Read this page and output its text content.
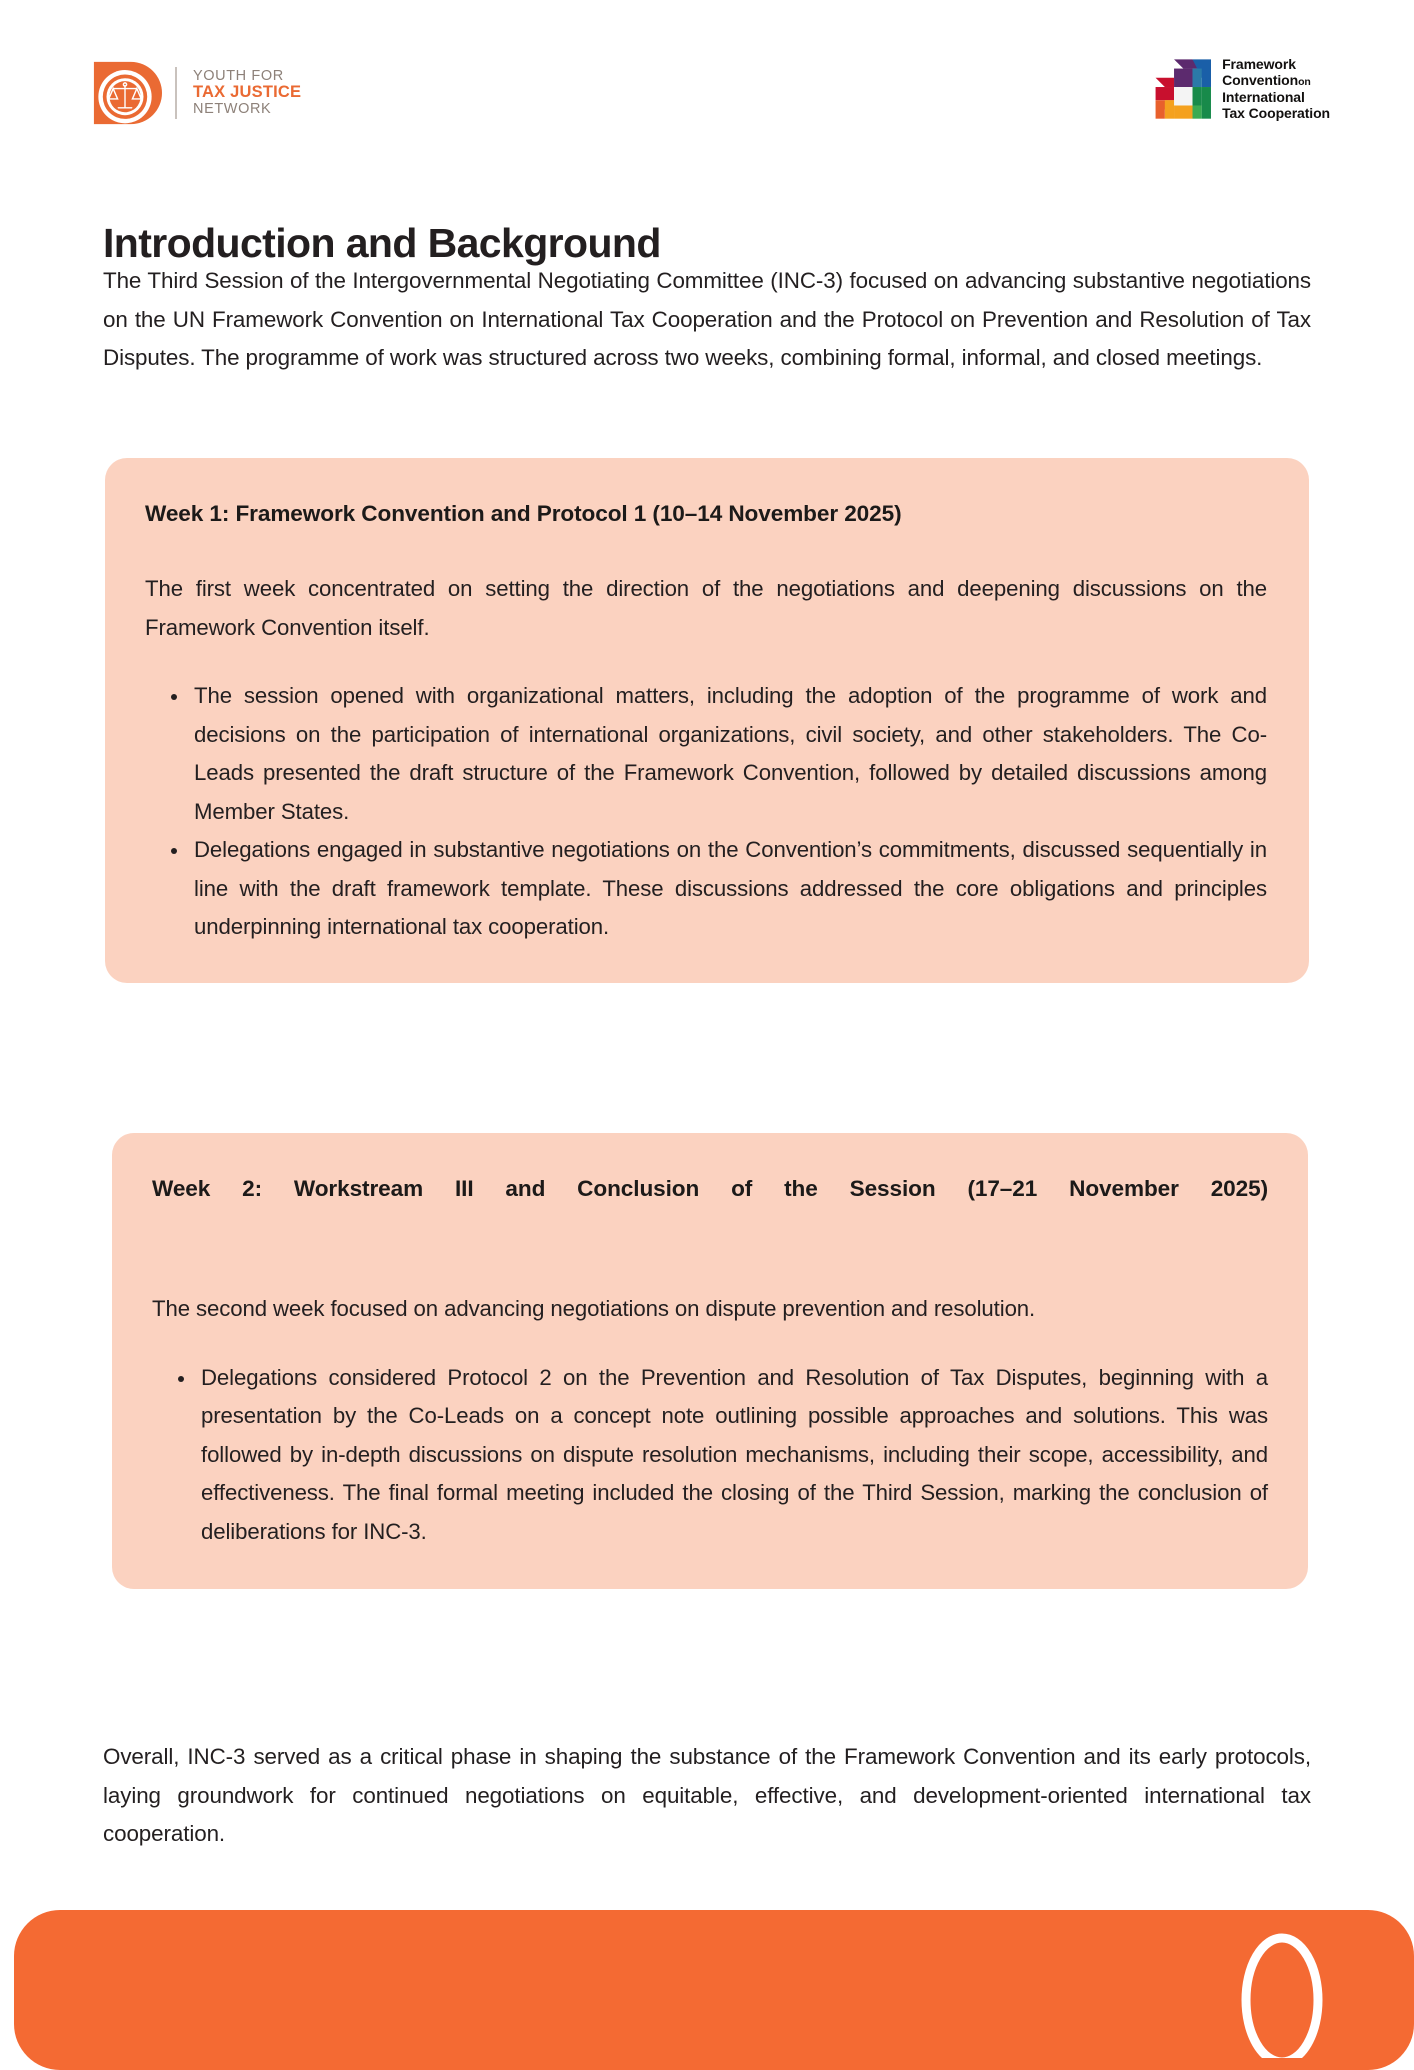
YOUTH FOR
TAX JUSTICE
NETWORK
Framework
Conventionon
International
Tax Cooperation
Introduction and Background

The Third Session of the Intergovernmental Negotiating Committee (INC-3) focused on advancing substantive negotiations on the UN Framework Convention on International Tax Cooperation and the Protocol on Prevention and Resolution of Tax Disputes. The programme of work was structured across two weeks, combining formal, informal, and closed meetings.

Week 1: Framework Convention and Protocol 1 (10–14 November 2025)

The first week concentrated on setting the direction of the negotiations and deepening discussions on the Framework Convention itself.

The session opened with organizational matters, including the adoption of the programme of work and decisions on the participation of international organizations, civil society, and other stakeholders. The Co-Leads presented the draft structure of the Framework Convention, followed by detailed discussions among Member States.
Delegations engaged in substantive negotiations on the Convention’s commitments, discussed sequentially in line with the draft framework template. These discussions addressed the core obligations and principles underpinning international tax cooperation.
Week 2: Workstream III and Conclusion of the Session (17–21 November 2025)

The second week focused on advancing negotiations on dispute prevention and resolution.

Delegations considered Protocol 2 on the Prevention and Resolution of Tax Disputes, beginning with a presentation by the Co-Leads on a concept note outlining possible approaches and solutions. This was followed by in-depth discussions on dispute resolution mechanisms, including their scope, accessibility, and effectiveness. The final formal meeting included the closing of the Third Session, marking the conclusion of deliberations for INC-3.

Overall, INC-3 served as a critical phase in shaping the substance of the Framework Convention and its early protocols, laying groundwork for continued negotiations on equitable, effective, and development-oriented international tax cooperation.
